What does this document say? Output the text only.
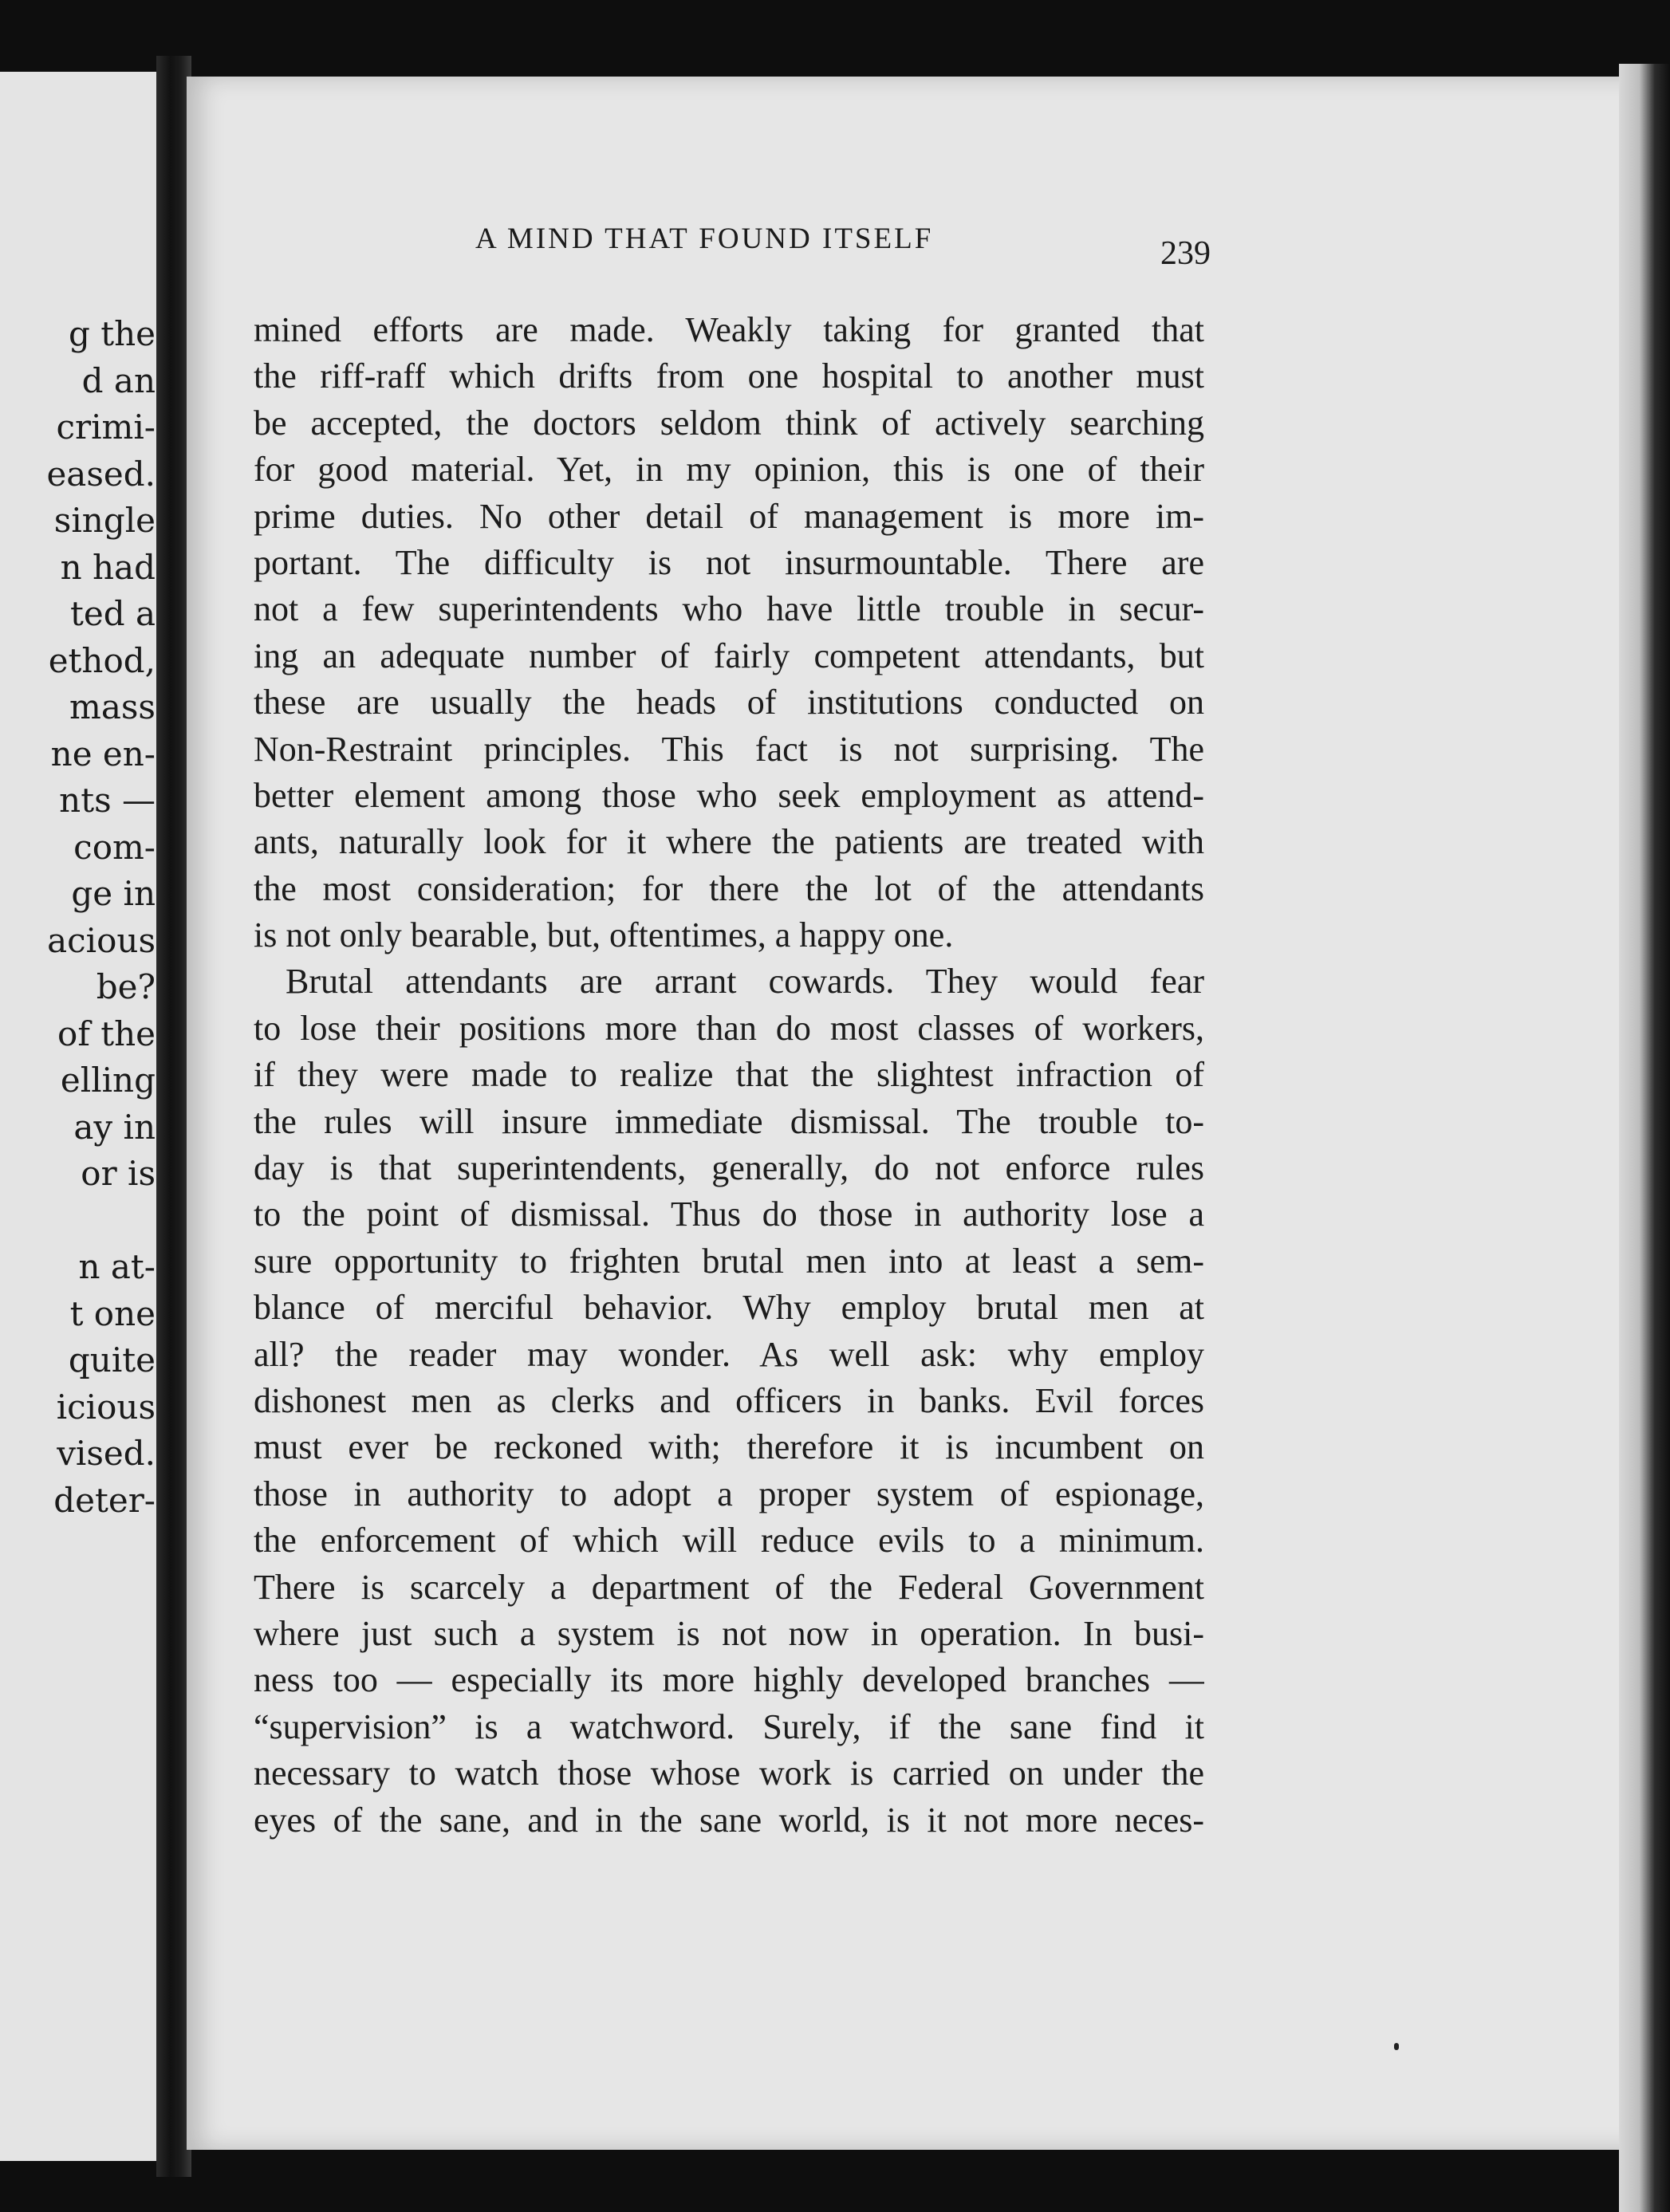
g the
d an
crimi-
eased.
single
n had
ted a
ethod,
mass
ne en-
nts —
com-
ge in
acious
be?
of the
elling
ay in
or is
n at-
t one
quite
icious
vised.
deter-
A MIND THAT FOUND ITSELF	239
mined efforts are made. Weakly taking for granted that
the riff-raff which drifts from one hospital to another must
be accepted, the doctors seldom think of actively searching
for good material. Yet, in my opinion, this is one of their
prime duties. No other detail of management is more im-
portant. The difficulty is not insurmountable. There are
not a few superintendents who have little trouble in secur-
ing an adequate number of fairly competent attendants, but
these are usually the heads of institutions conducted on
Non-Restraint principles. This fact is not surprising. The
better element among those who seek employment as attend-
ants, naturally look for it where the patients are treated with
the most consideration; for there the lot of the attendants
is not only bearable, but, oftentimes, a happy one.
Brutal attendants are arrant cowards. They would fear
to lose their positions more than do most classes of workers,
if they were made to realize that the slightest infraction of
the rules will insure immediate dismissal. The trouble to-
day is that superintendents, generally, do not enforce rules
to the point of dismissal. Thus do those in authority lose a
sure opportunity to frighten brutal men into at least a sem-
blance of merciful behavior. Why employ brutal men at
all? the reader may wonder. As well ask: why employ
dishonest men as clerks and officers in banks. Evil forces
must ever be reckoned with; therefore it is incumbent on
those in authority to adopt a proper system of espionage,
the enforcement of which will reduce evils to a minimum.
There is scarcely a department of the Federal Government
where just such a system is not now in operation. In busi-
ness too — especially its more highly developed branches —
“supervision” is a watchword. Surely, if the sane find it
necessary to watch those whose work is carried on under the
eyes of the sane, and in the sane world, is it not more neces-
